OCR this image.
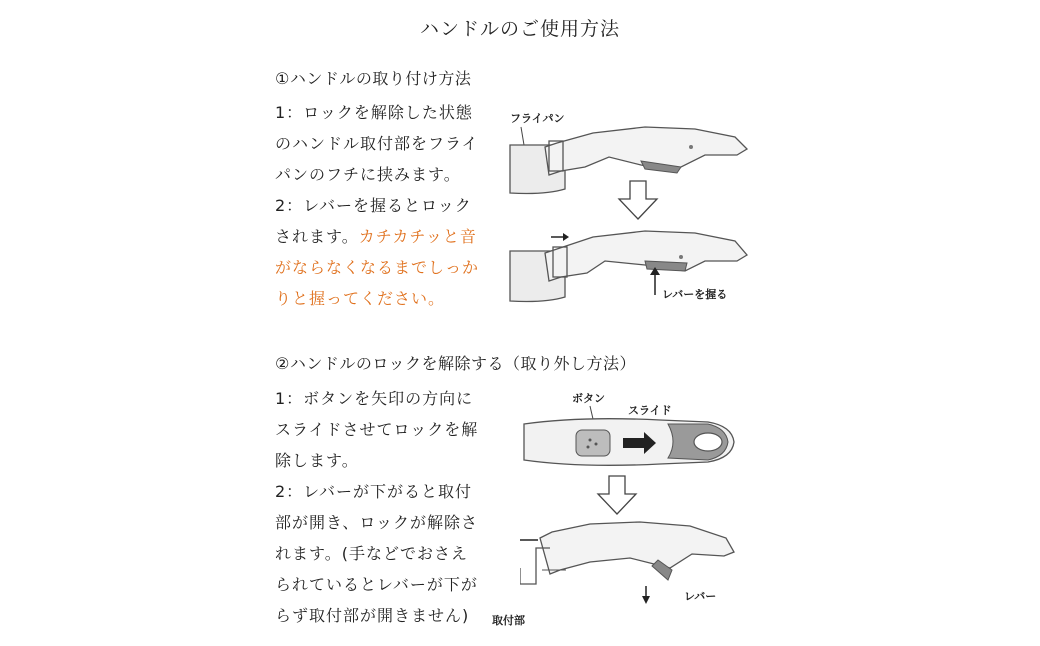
ハンドルのご使用方法
①ハンドルの取り付け方法
1：ロックを解除した状態
のハンドル取付部をフライ
パンのフチに挟みます。
2：レバーを握るとロック
されます。カチカチッと音
がならなくなるまでしっか
りと握ってください。
フライパン
レバーを握る
②ハンドルのロックを解除する（取り外し方法）
1：ボタンを矢印の方向に
スライドさせてロックを解
除します。
2：レバーが下がると取付
部が開き、ロックが解除さ
れます。(手などでおさえ
られているとレバーが下が
らず取付部が開きません)
ボタン
スライド
取付部
レバー
